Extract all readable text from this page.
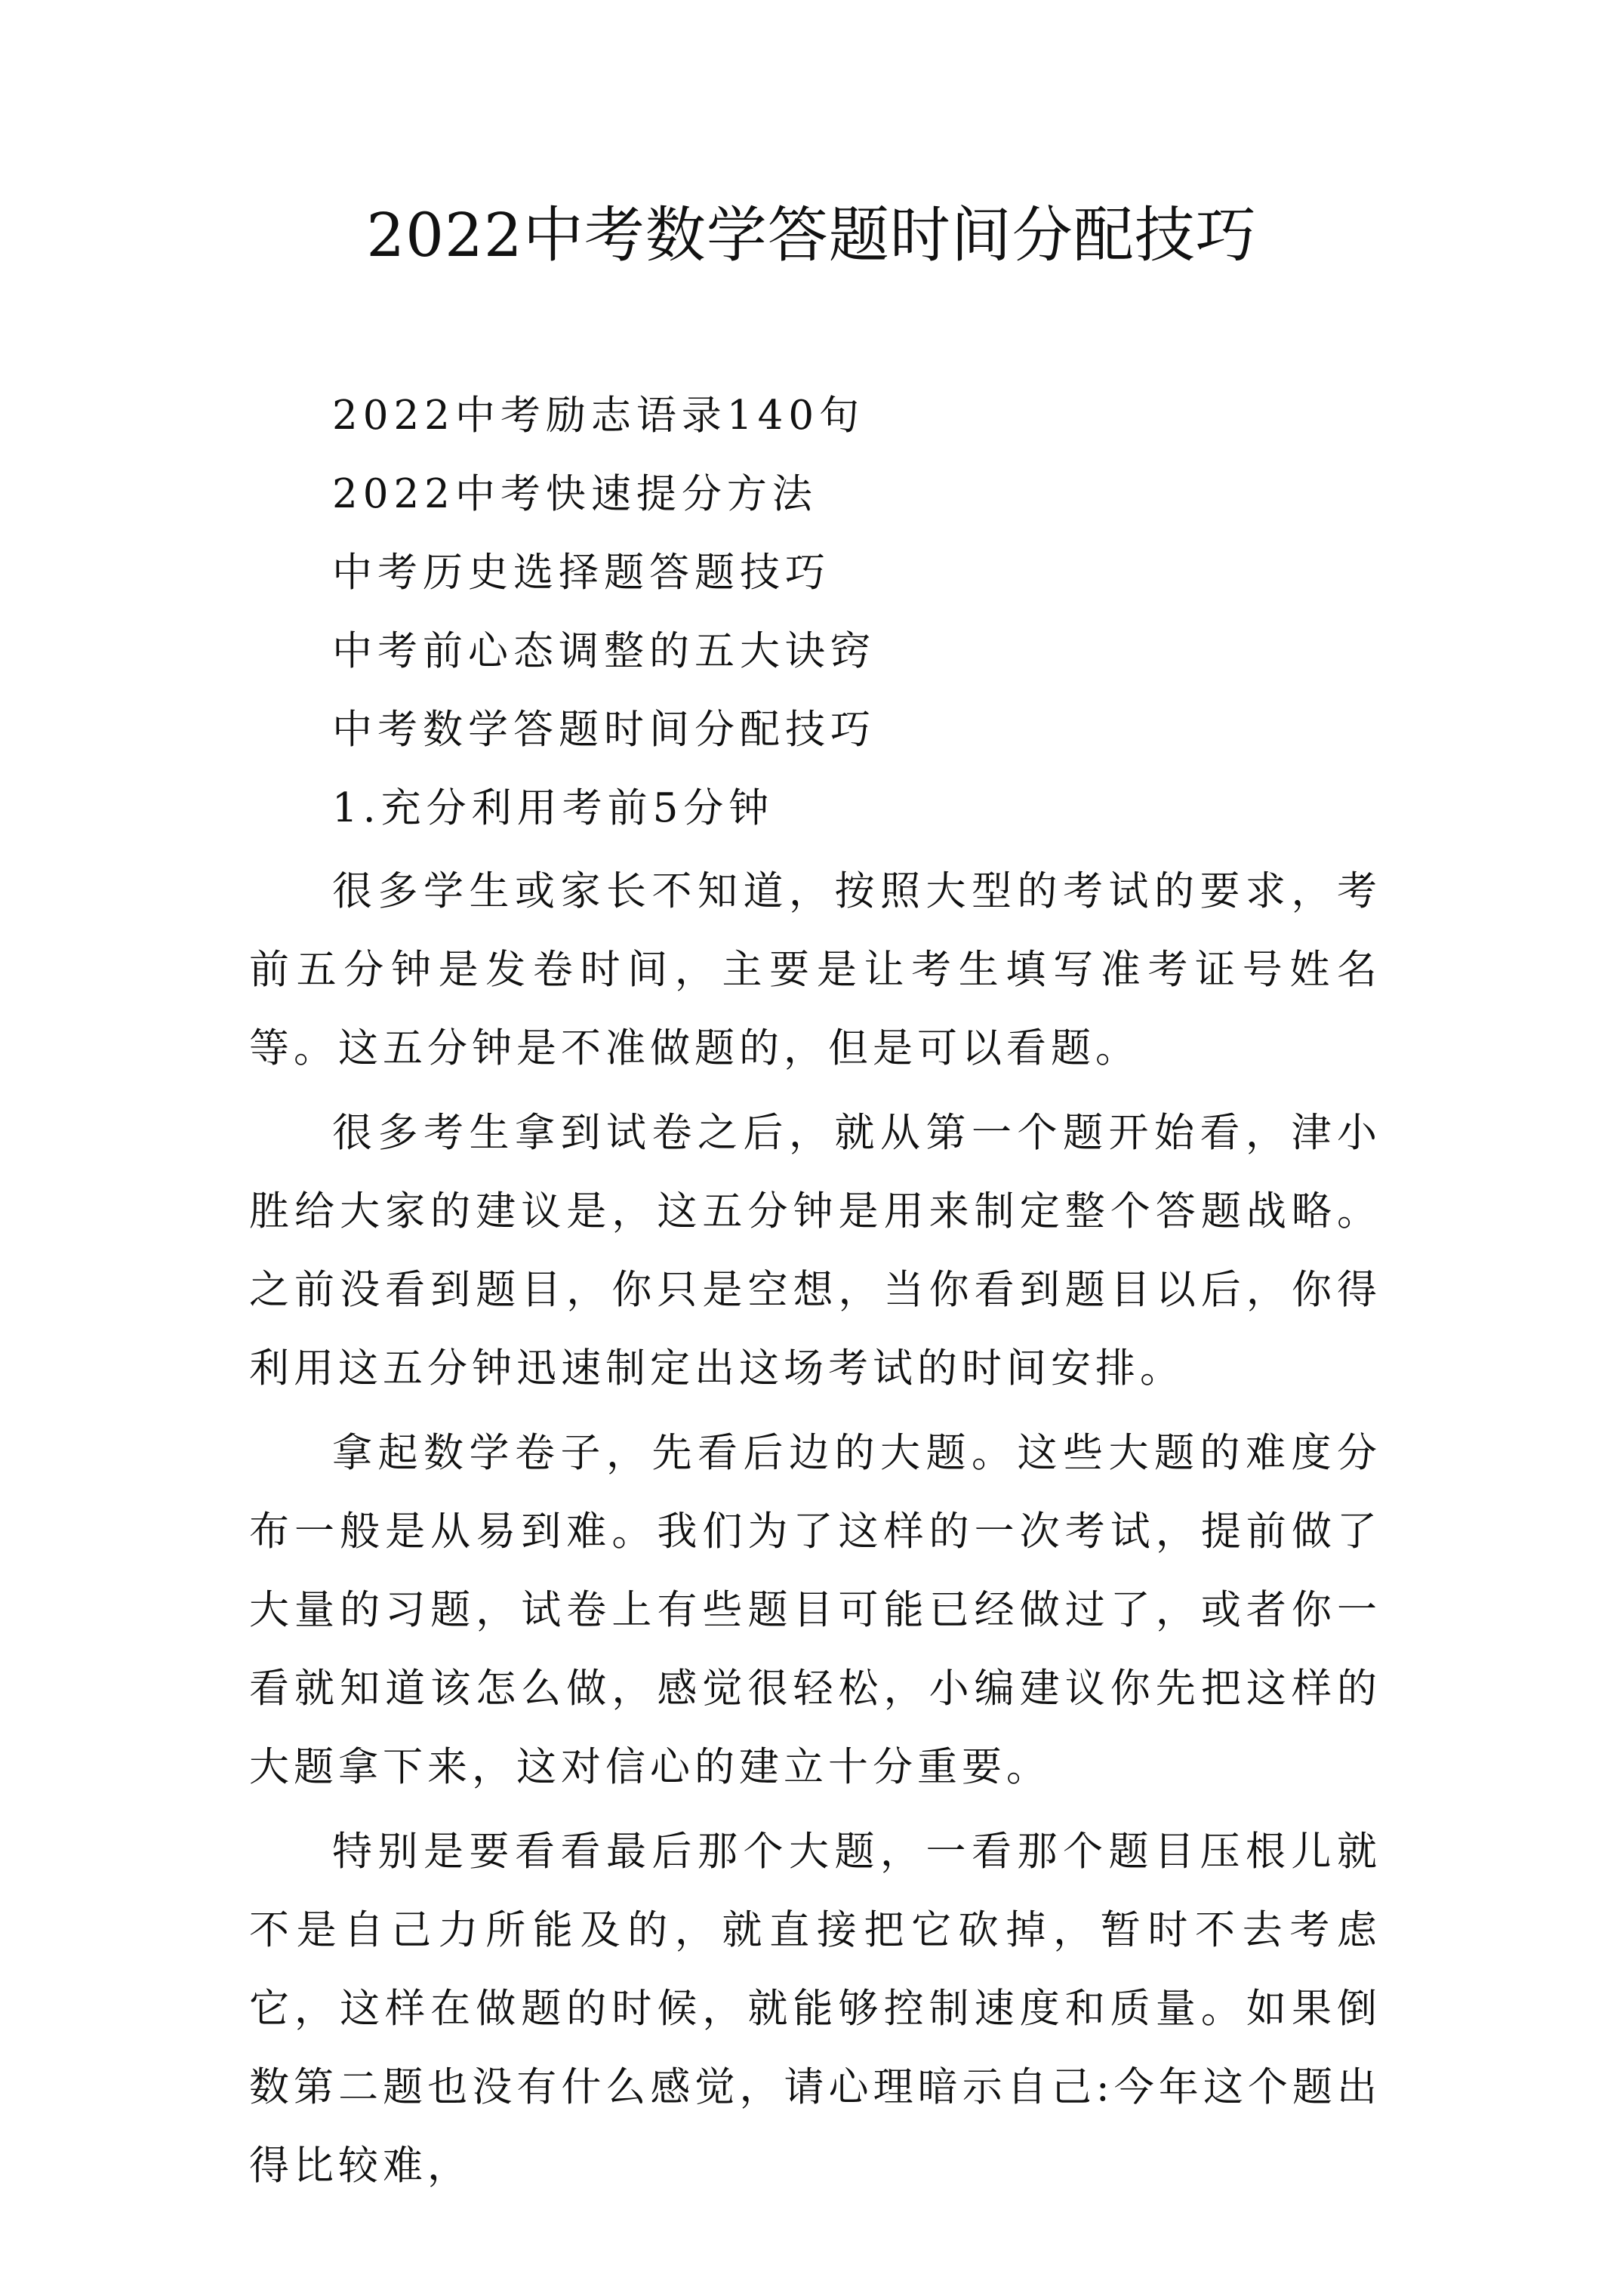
2022中考数学答题时间分配技巧
2022中考励志语录140句
2022中考快速提分方法
中考历史选择题答题技巧
中考前心态调整的五大诀窍
中考数学答题时间分配技巧
1.充分利用考前5分钟

很多学生或家长不知道，按照大型的考试的要求，考前五分钟是发卷时间，主要是让考生填写准考证号姓名等。这五分钟是不准做题的，但是可以看题。

很多考生拿到试卷之后，就从第一个题开始看，津小胜给大家的建议是，这五分钟是用来制定整个答题战略。之前没看到题目，你只是空想，当你看到题目以后，你得利用这五分钟迅速制定出这场考试的时间安排。

拿起数学卷子，先看后边的大题。这些大题的难度分布一般是从易到难。我们为了这样的一次考试，提前做了大量的习题，试卷上有些题目可能已经做过了，或者你一看就知道该怎么做，感觉很轻松，小编建议你先把这样的大题拿下来，这对信心的建立十分重要。

特别是要看看最后那个大题，一看那个题目压根儿就不是自己力所能及的，就直接把它砍掉，暂时不去考虑它，这样在做题的时候，就能够控制速度和质量。如果倒数第二题也没有什么感觉，请心理暗示自己:今年这个题出得比较难，
